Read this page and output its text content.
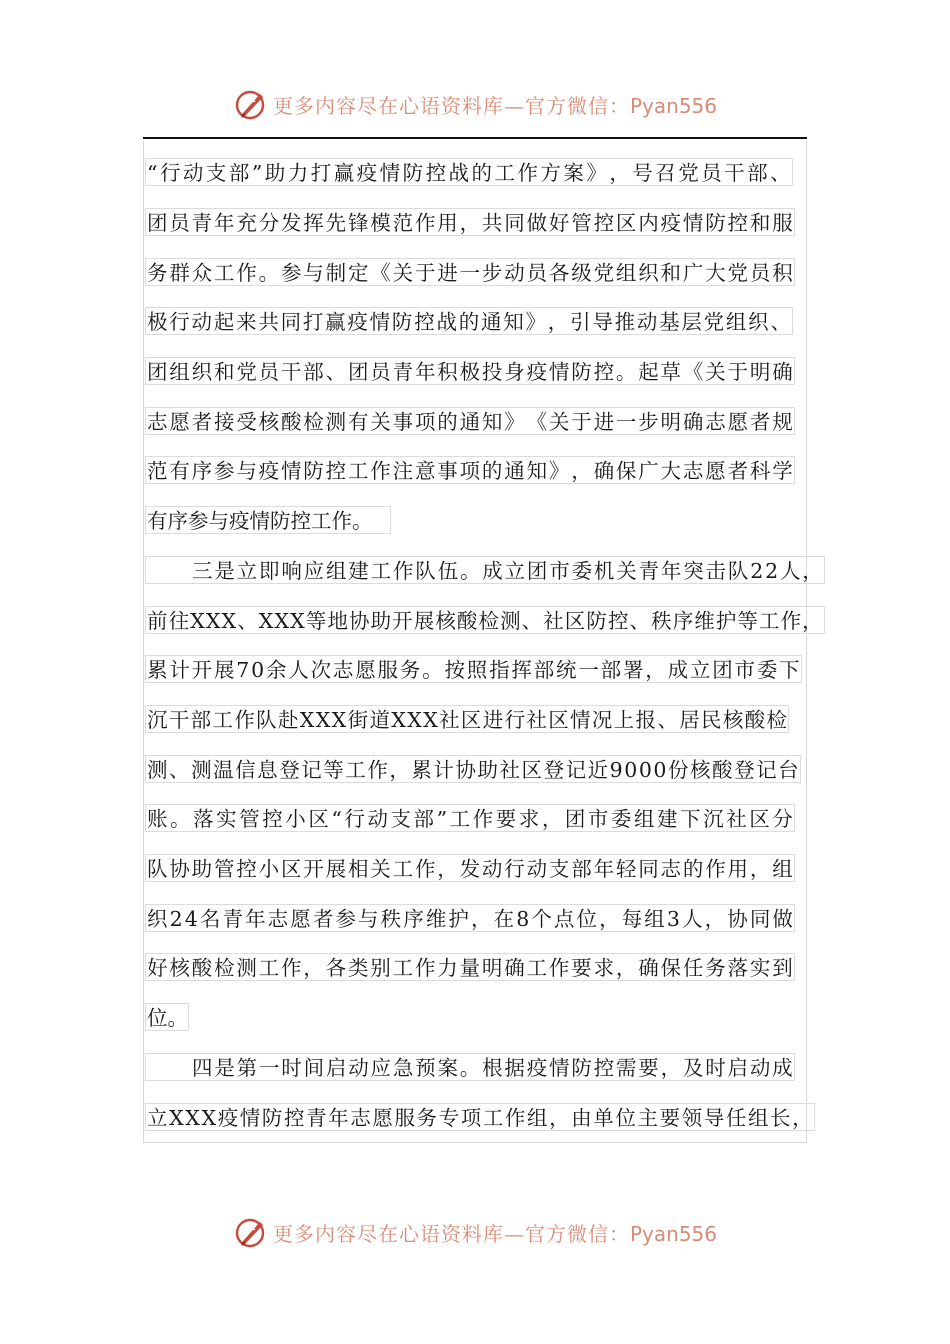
更多内容尽在心语资料库—官方微信：Pyan556
“ 行 动 支 部 ” 助 力 打 赢 疫 情 防 控 战 的 工 作 方 案 》 ， 号 召 党 员 干 部 、
团 员 青 年 充 分 发 挥 先 锋 模 范 作 用 ， 共 同 做 好 管 控 区 内 疫 情 防 控 和 服
务 群 众 工 作 。 参 与 制 定 《 关 于 进 一 步 动 员 各 级 党 组 织 和 广 大 党 员 积
极 行 动 起 来 共 同 打 赢 疫 情 防 控 战 的 通 知 》 ， 引 导 推 动 基 层 党 组 织 、
团 组 织 和 党 员 干 部 、 团 员 青 年 积 极 投 身 疫 情 防 控 。 起 草 《 关 于 明 确
志 愿 者 接 受 核 酸 检 测 有 关 事 项 的 通 知 》 《 关 于 进 一 步 明 确 志 愿 者 规
范 有 序 参 与 疫 情 防 控 工 作 注 意 事 项 的 通 知 》 ， 确 保 广 大 志 愿 者 科 学
有序参与疫情防控工作。
三 是 立 即 响 应 组 建 工 作 队 伍 。 成 立 团 市 委 机 关 青 年 突 击 队 2 2 人 ，
前 往 X X X 、 X X X 等 地 协 助 开 展 核 酸 检 测 、 社 区 防 控 、 秩 序 维 护 等 工 作 ，
累 计 开 展 7 0 余 人 次 志 愿 服 务 。 按 照 指 挥 部 统 一 部 署 ， 成 立 团 市 委 下
沉 干 部 工 作 队 赴 X X X 街 道 X X X 社 区 进 行 社 区 情 况 上 报 、 居 民 核 酸 检
测 、 测 温 信 息 登 记 等 工 作 ， 累 计 协 助 社 区 登 记 近 9 0 0 0 份 核 酸 登 记 台
账 。 落 实 管 控 小 区 “ 行 动 支 部 ” 工 作 要 求 ， 团 市 委 组 建 下 沉 社 区 分
队 协 助 管 控 小 区 开 展 相 关 工 作 ， 发 动 行 动 支 部 年 轻 同 志 的 作 用 ， 组
织 2 4 名 青 年 志 愿 者 参 与 秩 序 维 护 ， 在 8 个 点 位 ， 每 组 3 人 ， 协 同 做
好 核 酸 检 测 工 作 ， 各 类 别 工 作 力 量 明 确 工 作 要 求 ， 确 保 任 务 落 实 到
位。
四 是 第 一 时 间 启 动 应 急 预 案 。 根 据 疫 情 防 控 需 要 ， 及 时 启 动 成
立 X X X 疫 情 防 控 青 年 志 愿 服 务 专 项 工 作 组 ， 由 单 位 主 要 领 导 任 组 长 ，
更多内容尽在心语资料库—官方微信：Pyan556
